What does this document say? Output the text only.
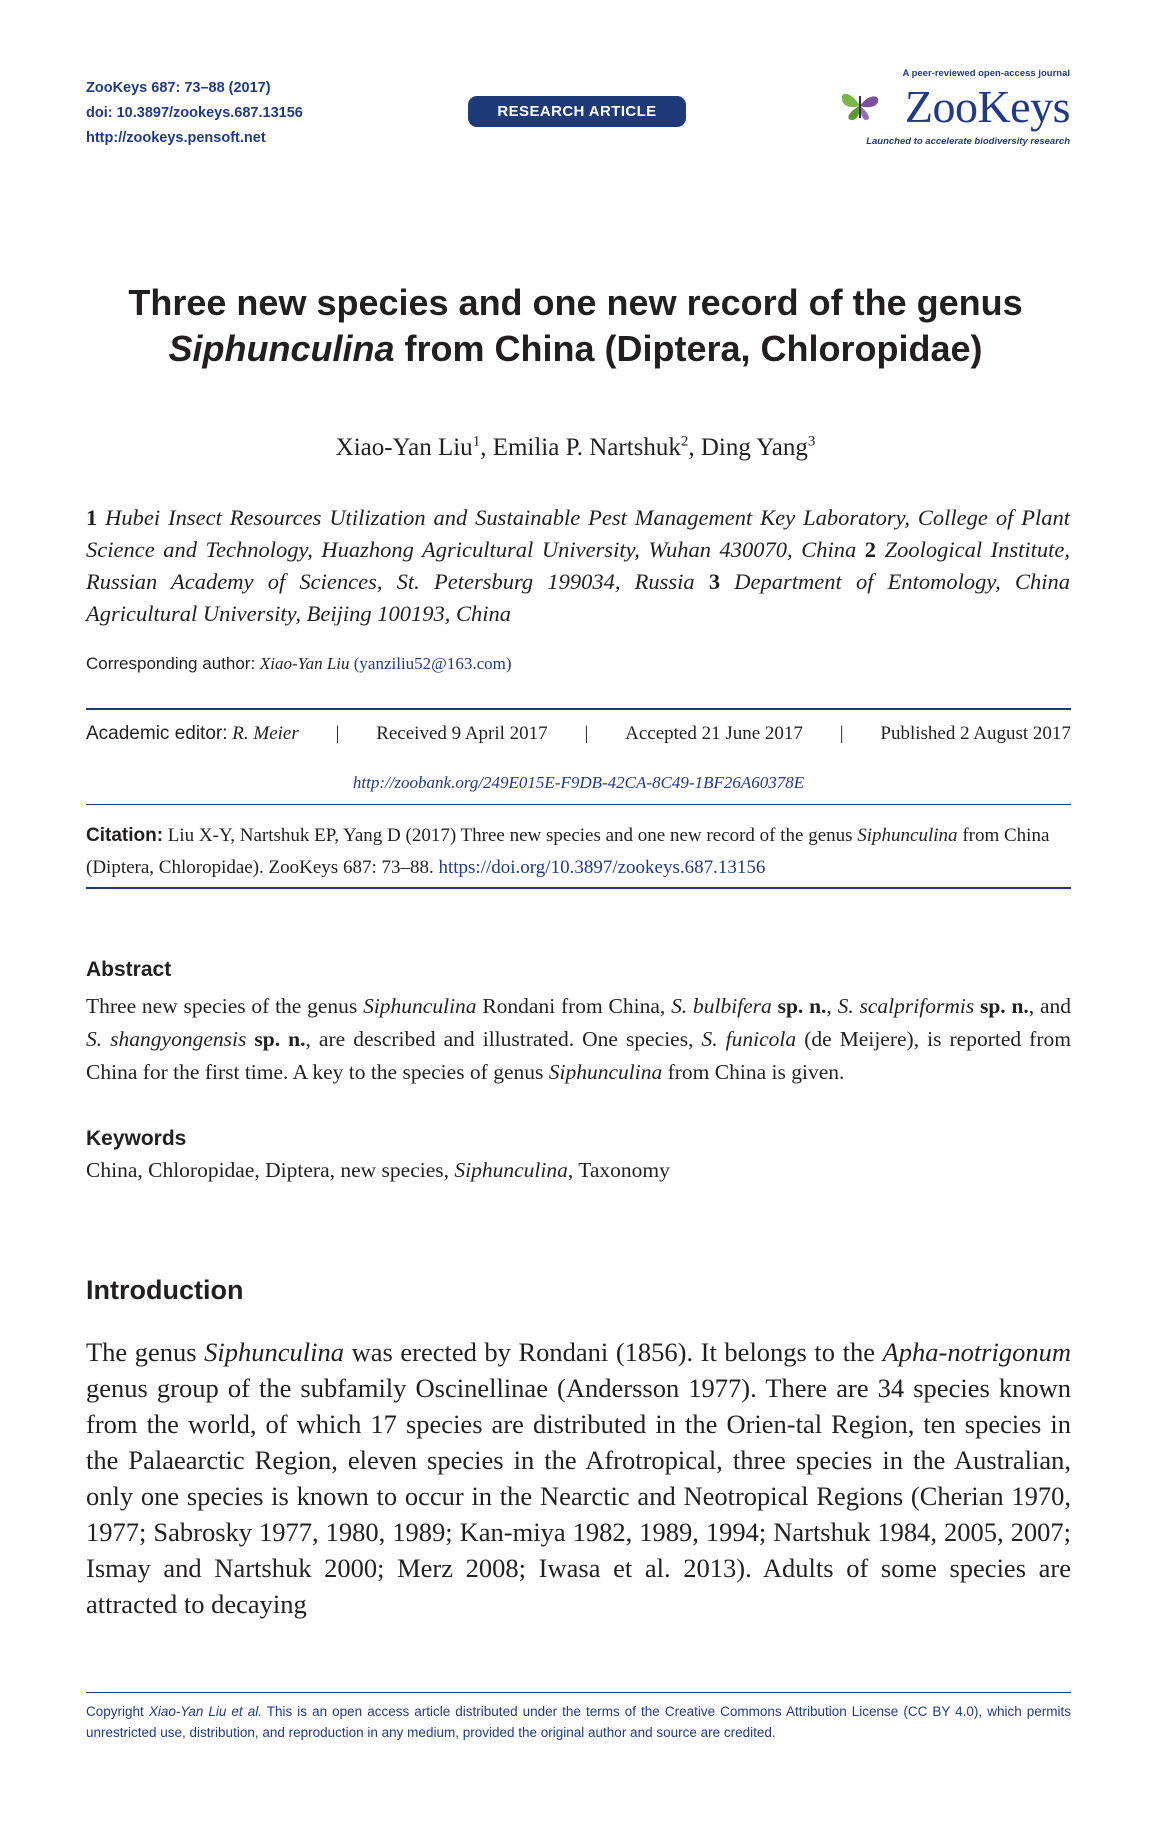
ZooKeys 687: 73–88 (2017)
doi: 10.3897/zookeys.687.13156
http://zookeys.pensoft.net
RESEARCH ARTICLE
A peer-reviewed open-access journal
ZooKeys
Launched to accelerate biodiversity research
Three new species and one new record of the genus
Siphunculina from China (Diptera, Chloropidae)
Xiao-Yan Liu$^1$, Emilia P. Nartshuk$^2$, Ding Yang$^3$
1 Hubei Insect Resources Utilization and Sustainable Pest Management Key Laboratory, College of Plant Science and Technology, Huazhong Agricultural University, Wuhan 430070, China 2 Zoological Institute, Russian Academy of Sciences, St. Petersburg 199034, Russia 3 Department of Entomology, China Agricultural University, Beijing 100193, China
Corresponding author: Xiao-Yan Liu (yanziliu52@163.com)
Academic editor: R. Meier | Received 9 April 2017 | Accepted 21 June 2017 | Published 2 August 2017
http://zoobank.org/249E015E-F9DB-42CA-8C49-1BF26A60378E
Citation: Liu X-Y, Nartshuk EP, Yang D (2017) Three new species and one new record of the genus Siphunculina from China (Diptera, Chloropidae). ZooKeys 687: 73–88. https://doi.org/10.3897/zookeys.687.13156
Abstract
Three new species of the genus Siphunculina Rondani from China, S. bulbifera sp. n., S. scalpriformis sp. n., and S. shangyongensis sp. n., are described and illustrated. One species, S. funicola (de Meijere), is reported from China for the first time. A key to the species of genus Siphunculina from China is given.
Keywords
China, Chloropidae, Diptera, new species, Siphunculina, Taxonomy
Introduction
The genus Siphunculina was erected by Rondani (1856). It belongs to the Apha-notrigonum genus group of the subfamily Oscinellinae (Andersson 1977). There are 34 species known from the world, of which 17 species are distributed in the Orien-tal Region, ten species in the Palaearctic Region, eleven species in the Afrotropical, three species in the Australian, only one species is known to occur in the Nearctic and Neotropical Regions (Cherian 1970, 1977; Sabrosky 1977, 1980, 1989; Kan-miya 1982, 1989, 1994; Nartshuk 1984, 2005, 2007; Ismay and Nartshuk 2000; Merz 2008; Iwasa et al. 2013). Adults of some species are attracted to decaying
Copyright Xiao-Yan Liu et al. This is an open access article distributed under the terms of the Creative Commons Attribution License (CC BY 4.0), which permits unrestricted use, distribution, and reproduction in any medium, provided the original author and source are credited.
